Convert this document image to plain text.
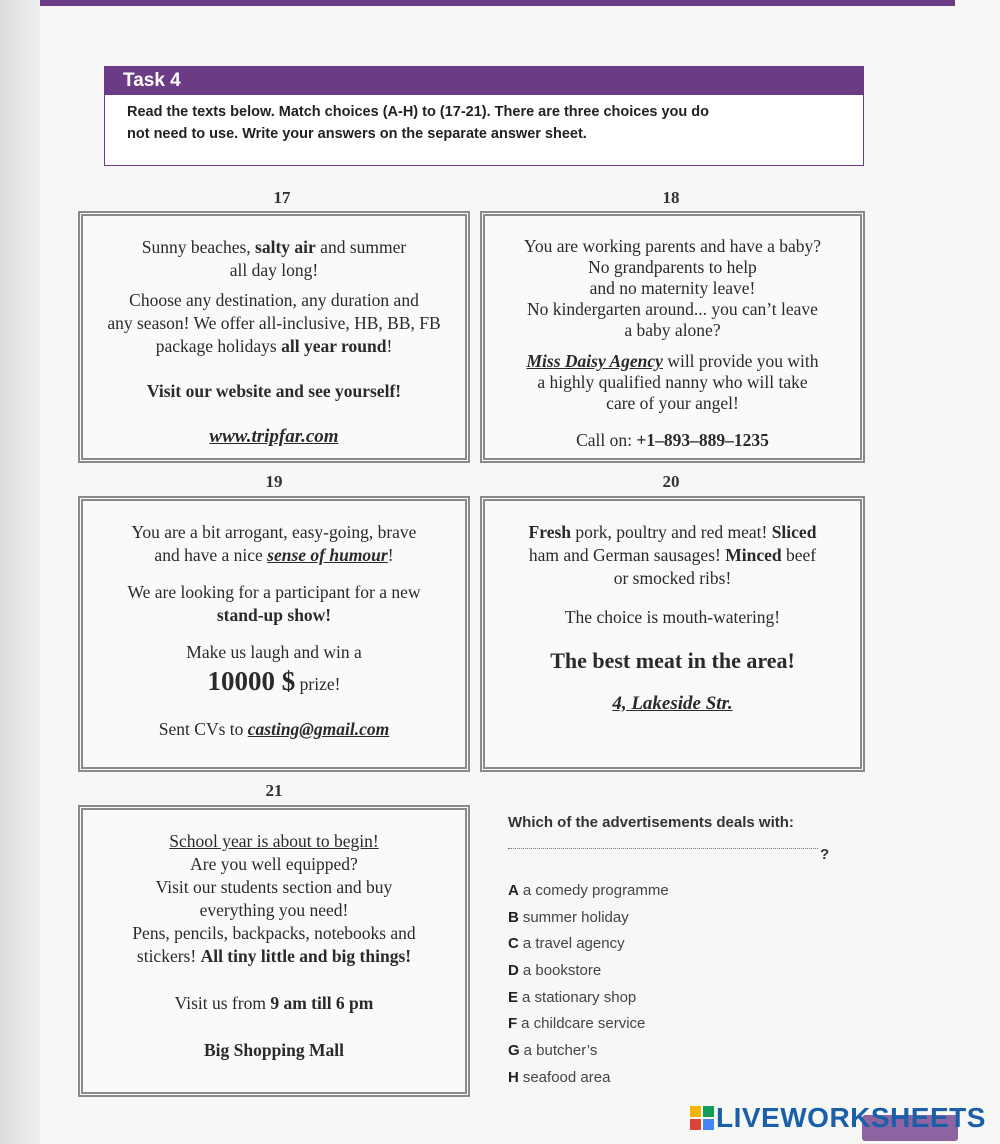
Task 4
Read the texts below. Match choices (A-H) to (17-21). There are three choices you do
not need to use. Write your answers on the separate answer sheet.
17

Sunny beaches, salty air and summer

all day long!

Choose any destination, any duration and

any season! We offer all-inclusive, HB, BB, FB

package holidays all year round!

Visit our website and see yourself!

www.tripfar.com

18

You are working parents and have a baby?

No grandparents to help

and no maternity leave!

No kindergarten around... you can’t leave

a baby alone?

Miss Daisy Agency will provide you with

a highly qualified nanny who will take

care of your angel!

Call on: +1–893–889–1235

19

You are a bit arrogant, easy-going, brave

and have a nice sense of humour!

We are looking for a participant for a new

stand-up show!

Make us laugh and win a

10000 $ prize!

Sent CVs to casting@gmail.com

20

Fresh pork, poultry and red meat! Sliced

ham and German sausages! Minced beef

or smocked ribs!

The choice is mouth-watering!

The best meat in the area!

4, Lakeside Str.

21

School year is about to begin!

Are you well equipped?

Visit our students section and buy

everything you need!

Pens, pencils, backpacks, notebooks and

stickers! All tiny little and big things!

Visit us from 9 am till 6 pm

Big Shopping Mall

Which of the advertisements deals with:
?
A a comedy programme
B summer holiday
C a travel agency
D a bookstore
E a stationary shop
F a childcare service
G a butcher’s
H seafood area
LIVEWORKSHEETS
